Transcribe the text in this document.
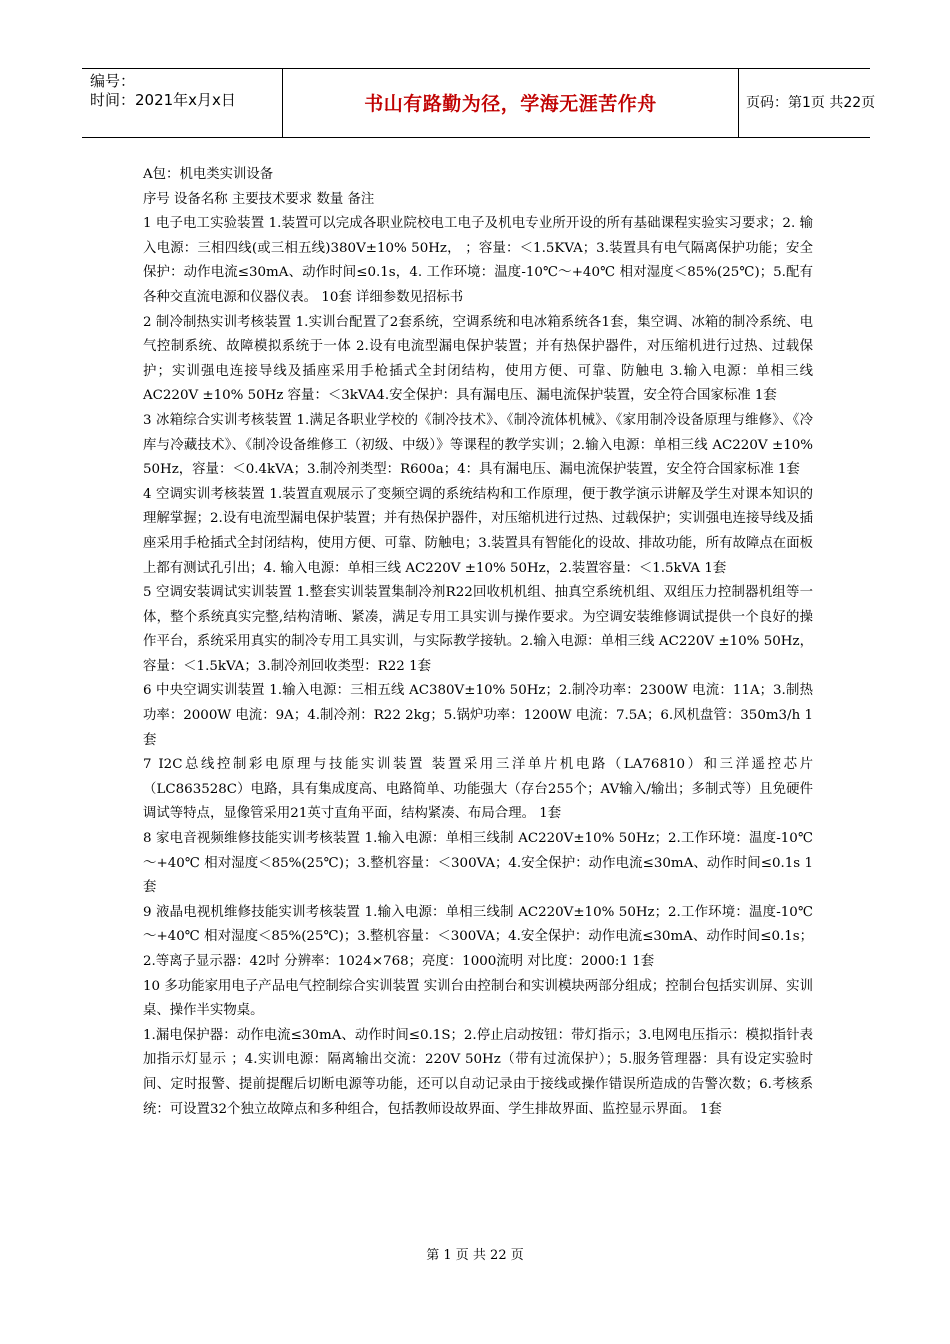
编号：
时间：2021年x月x日	书山有路勤为径，学海无涯苦作舟	页码：第1页 共22页

A包：机电类实训设备

序号 设备名称 主要技术要求 数量 备注

1 电子电工实验装置 1.装置可以完成各职业院校电工电子及机电专业所开设的所有基础课程实验实习要求；2. 输入电源：三相四线(或三相五线)380V±10% 50Hz， ；容量：＜1.5KVA；3.装置具有电气隔离保护功能；安全保护：动作电流≤30mA、动作时间≤0.1s，4. 工作环境：温度-10℃～+40℃ 相对湿度＜85%(25℃)；5.配有各种交直流电源和仪器仪表。 10套 详细参数见招标书

2 制冷制热实训考核装置 1.实训台配置了2套系统，空调系统和电冰箱系统各1套，集空调、冰箱的制冷系统、电气控制系统、故障模拟系统于一体 2.设有电流型漏电保护装置；并有热保护器件，对压缩机进行过热、过载保护；实训强电连接导线及插座采用手枪插式全封闭结构，使用方便、可靠、防触电 3.输入电源：单相三线 AC220V ±10% 50Hz 容量：＜3kVA4.安全保护：具有漏电压、漏电流保护装置，安全符合国家标准 1套

3 冰箱综合实训考核装置 1.满足各职业学校的《制冷技术》、《制冷流体机械》、《家用制冷设备原理与维修》、《冷库与冷藏技术》、《制冷设备维修工（初级、中级）》等课程的教学实训；2.输入电源：单相三线 AC220V ±10% 50Hz，容量：＜0.4kVA；3.制冷剂类型：R600a；4：具有漏电压、漏电流保护装置，安全符合国家标准 1套

4 空调实训考核装置 1.装置直观展示了变频空调的系统结构和工作原理，便于教学演示讲解及学生对课本知识的理解掌握；2.设有电流型漏电保护装置；并有热保护器件，对压缩机进行过热、过载保护；实训强电连接导线及插座采用手枪插式全封闭结构，使用方便、可靠、防触电；3.装置具有智能化的设故、排故功能，所有故障点在面板上都有测试孔引出；4. 输入电源：单相三线 AC220V ±10% 50Hz，2.装置容量：＜1.5kVA 1套

5 空调安装调试实训装置 1.整套实训装置集制冷剂R22回收机机组、抽真空系统机组、双组压力控制器机组等一体，整个系统真实完整,结构清晰、紧凑，满足专用工具实训与操作要求。为空调安装维修调试提供一个良好的操作平台，系统采用真实的制冷专用工具实训，与实际教学接轨。2.输入电源：单相三线 AC220V ±10% 50Hz，容量：＜1.5kVA；3.制冷剂回收类型：R22 1套

6 中央空调实训装置 1.输入电源：三相五线 AC380V±10% 50Hz；2.制冷功率：2300W 电流：11A；3.制热功率：2000W 电流：9A；4.制冷剂：R22 2kg；5.锅炉功率：1200W 电流：7.5A；6.风机盘管：350m3/h 1套

7 I2C总线控制彩电原理与技能实训装置 装置采用三洋单片机电路（LA76810）和三洋遥控芯片（LC863528C）电路，具有集成度高、电路简单、功能强大（存台255个；AV输入/输出；多制式等）且免硬件调试等特点，显像管采用21英寸直角平面，结构紧凑、布局合理。 1套

8 家电音视频维修技能实训考核装置 1.输入电源：单相三线制 AC220V±10% 50Hz；2.工作环境：温度-10℃～+40℃ 相对湿度＜85%(25℃)；3.整机容量：＜300VA；4.安全保护：动作电流≤30mA、动作时间≤0.1s 1套

9 液晶电视机维修技能实训考核装置 1.输入电源：单相三线制 AC220V±10% 50Hz；2.工作环境：温度-10℃～+40℃ 相对湿度＜85%(25℃)；3.整机容量：＜300VA；4.安全保护：动作电流≤30mA、动作时间≤0.1s；2.等离子显示器：42吋 分辨率：1024×768；亮度：1000流明 对比度：2000:1 1套

10 多功能家用电子产品电气控制综合实训装置 实训台由控制台和实训模块两部分组成；控制台包括实训屏、实训桌、操作半实物桌。

1.漏电保护器：动作电流≤30mA、动作时间≤0.1S；2.停止启动按钮：带灯指示；3.电网电压指示：模拟指针表加指示灯显示 ；4.实训电源：隔离输出交流：220V 50Hz（带有过流保护）；5.服务管理器：具有设定实验时间、定时报警、提前提醒后切断电源等功能，还可以自动记录由于接线或操作错误所造成的告警次数；6.考核系统：可设置32个独立故障点和多种组合，包括教师设故界面、学生排故界面、监控显示界面。 1套

第 1 页 共 22 页
